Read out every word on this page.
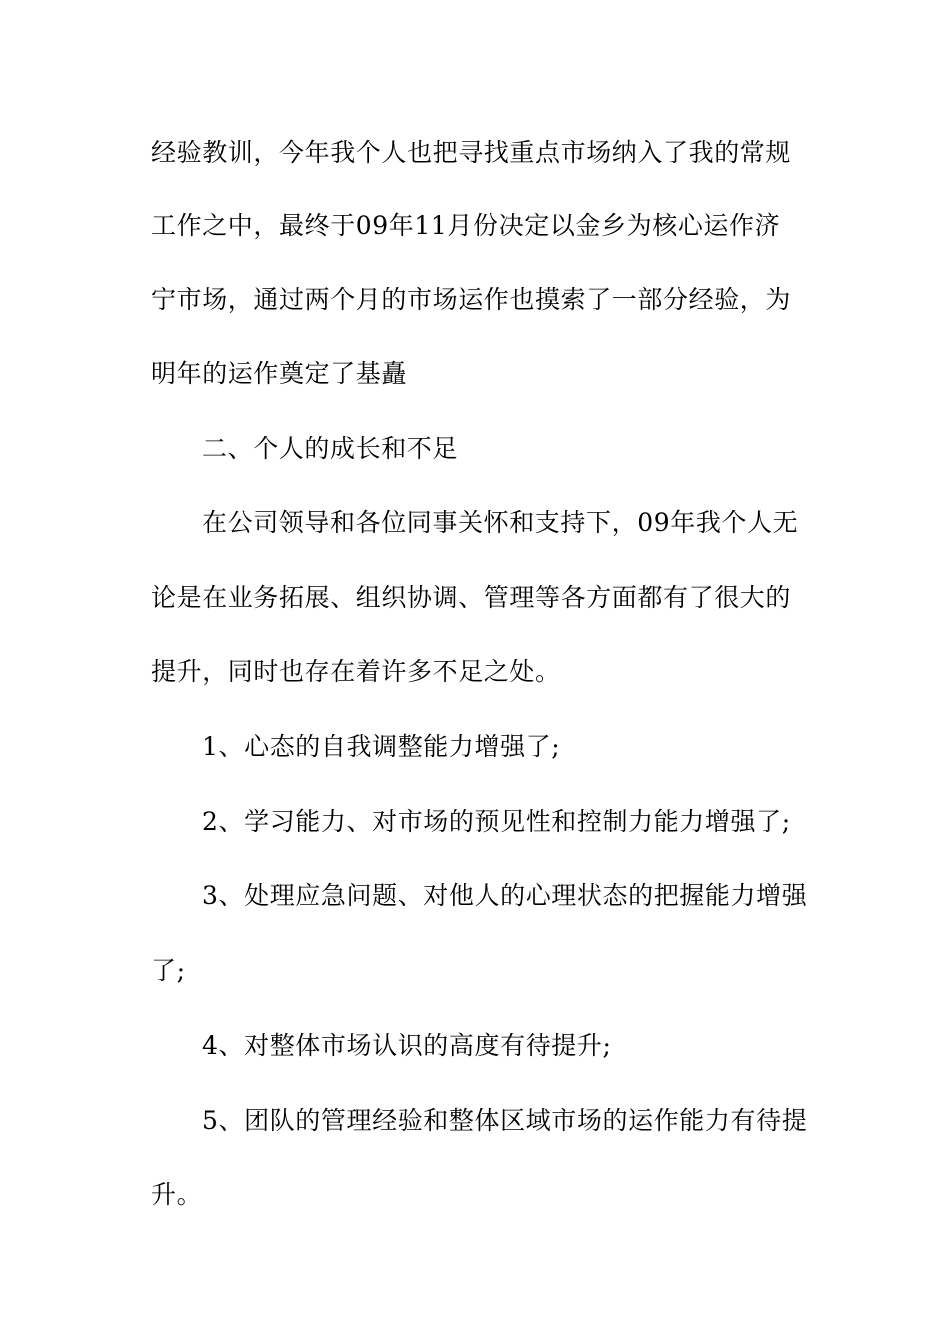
经验教训，今年我个人也把寻找重点市场纳入了我的常规
工作之中，最终于09年11月份决定以金乡为核心运作济
宁市场，通过两个月的市场运作也摸索了一部分经验，为
明年的运作奠定了基矗
二、个人的成长和不足
在公司领导和各位同事关怀和支持下，09年我个人无
论是在业务拓展、组织协调、管理等各方面都有了很大的
提升，同时也存在着许多不足之处。
1、心态的自我调整能力增强了;
2、学习能力、对市场的预见性和控制力能力增强了;
3、处理应急问题、对他人的心理状态的把握能力增强
了;
4、对整体市场认识的高度有待提升;
5、团队的管理经验和整体区域市场的运作能力有待提
升。
